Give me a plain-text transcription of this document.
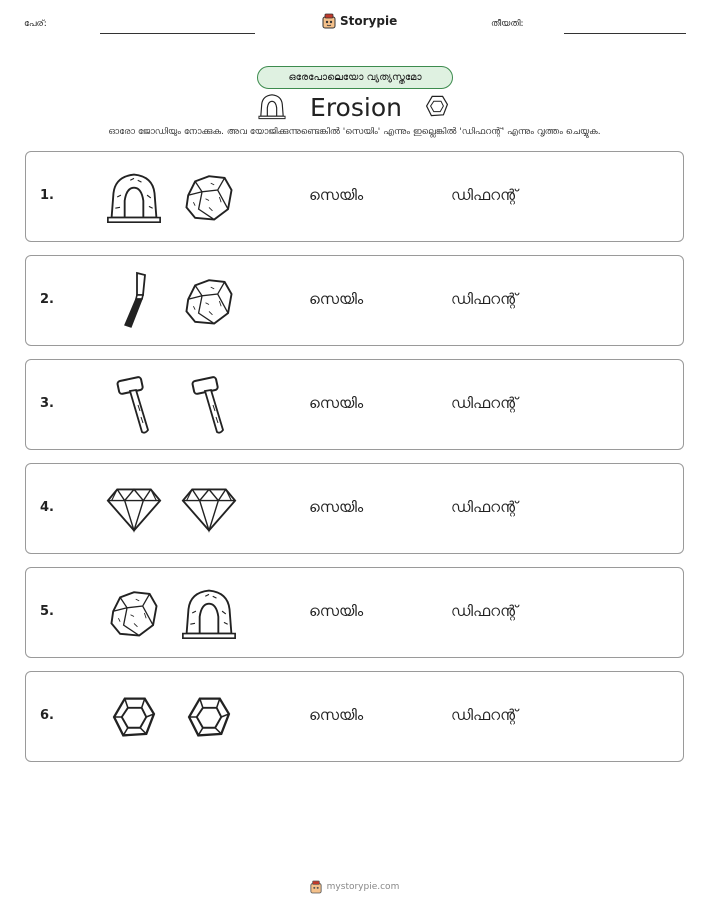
പേര്:	Storypie	തീയതി:
ഒരേപോലെയോ വ്യത്യസ്തമോ
Erosion
ഓരോ ജോഡിയും നോക്കുക. അവ യോജിക്കുന്നുണ്ടെങ്കിൽ 'സെയിം' എന്നും ഇല്ലെങ്കിൽ 'ഡിഫറന്റ്' എന്നും വൃത്തം ചെയ്യുക.
1.	സെയിം	ഡിഫറന്റ്
2.	സെയിം	ഡിഫറന്റ്
3.	സെയിം	ഡിഫറന്റ്
4.	സെയിം	ഡിഫറന്റ്
5.	സെയിം	ഡിഫറന്റ്
6.	സെയിം	ഡിഫറന്റ്
mystorypie.com
